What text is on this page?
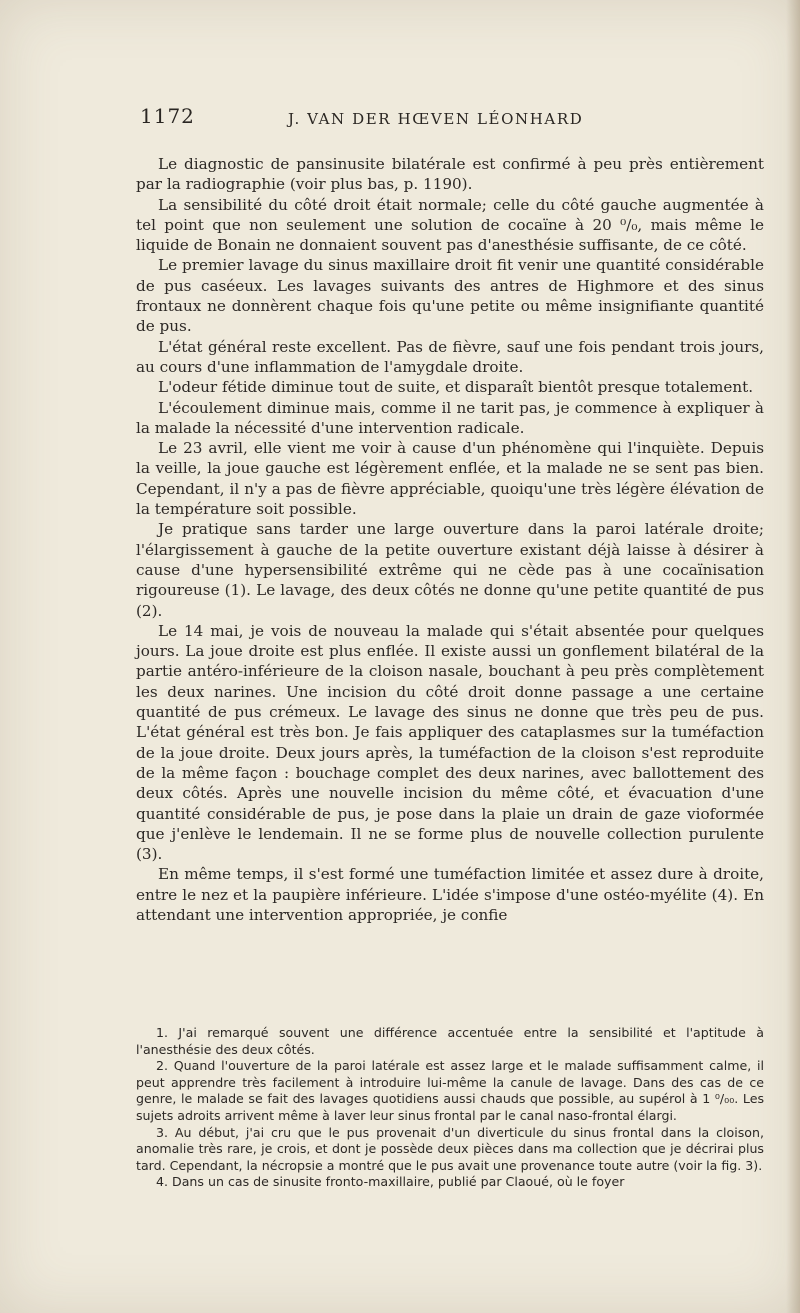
1172	J. VAN DER HŒVEN LÉONHARD

Le diagnostic de pansinusite bilatérale est confirmé à peu près entièrement par la radiographie (voir plus bas, p. 1190).

La sensibilité du côté droit était normale; celle du côté gauche augmentée à tel point que non seulement une solution de cocaïne à 20 ⁰/₀, mais même le liquide de Bonain ne donnaient souvent pas d'anesthésie suffisante, de ce côté.

Le premier lavage du sinus maxillaire droit fit venir une quantité considérable de pus caséeux. Les lavages suivants des antres de Highmore et des sinus frontaux ne donnèrent chaque fois qu'une petite ou même insignifiante quantité de pus.

L'état général reste excellent. Pas de fièvre, sauf une fois pendant trois jours, au cours d'une inflammation de l'amygdale droite.

L'odeur fétide diminue tout de suite, et disparaît bientôt presque totalement.

L'écoulement diminue mais, comme il ne tarit pas, je commence à expliquer à la malade la nécessité d'une intervention radicale.

Le 23 avril, elle vient me voir à cause d'un phénomène qui l'inquiète. Depuis la veille, la joue gauche est légèrement enflée, et la malade ne se sent pas bien. Cependant, il n'y a pas de fièvre appréciable, quoiqu'une très légère élévation de la température soit possible.

Je pratique sans tarder une large ouverture dans la paroi latérale droite; l'élargissement à gauche de la petite ouverture existant déjà laisse à désirer à cause d'une hypersensibilité extrême qui ne cède pas à une cocaïnisation rigoureuse (1). Le lavage, des deux côtés ne donne qu'une petite quantité de pus (2).

Le 14 mai, je vois de nouveau la malade qui s'était absentée pour quelques jours. La joue droite est plus enflée. Il existe aussi un gonflement bilatéral de la partie antéro-inférieure de la cloison nasale, bouchant à peu près complètement les deux narines. Une incision du côté droit donne passage a une certaine quantité de pus crémeux. Le lavage des sinus ne donne que très peu de pus. L'état général est très bon. Je fais appliquer des cataplasmes sur la tuméfaction de la joue droite. Deux jours après, la tuméfaction de la cloison s'est reproduite de la même façon : bouchage complet des deux narines, avec ballottement des deux côtés. Après une nouvelle incision du même côté, et évacuation d'une quantité considérable de pus, je pose dans la plaie un drain de gaze vioformée que j'enlève le lendemain. Il ne se forme plus de nouvelle collection purulente (3).

En même temps, il s'est formé une tuméfaction limitée et assez dure à droite, entre le nez et la paupière inférieure. L'idée s'impose d'une ostéo-myélite (4). En attendant une intervention appropriée, je confie

1. J'ai remarqué souvent une différence accentuée entre la sensibilité et l'aptitude à l'anesthésie des deux côtés.

2. Quand l'ouverture de la paroi latérale est assez large et le malade suffisamment calme, il peut apprendre très facilement à introduire lui-même la canule de lavage. Dans des cas de ce genre, le malade se fait des lavages quotidiens aussi chauds que possible, au supérol à 1 ⁰/₀₀. Les sujets adroits arrivent même à laver leur sinus frontal par le canal naso-frontal élargi.

3. Au début, j'ai cru que le pus provenait d'un diverticule du sinus frontal dans la cloison, anomalie très rare, je crois, et dont je possède deux pièces dans ma collection que je décrirai plus tard. Cependant, la nécropsie a montré que le pus avait une provenance toute autre (voir la fig. 3).

4. Dans un cas de sinusite fronto-maxillaire, publié par Claoué, où le foyer
